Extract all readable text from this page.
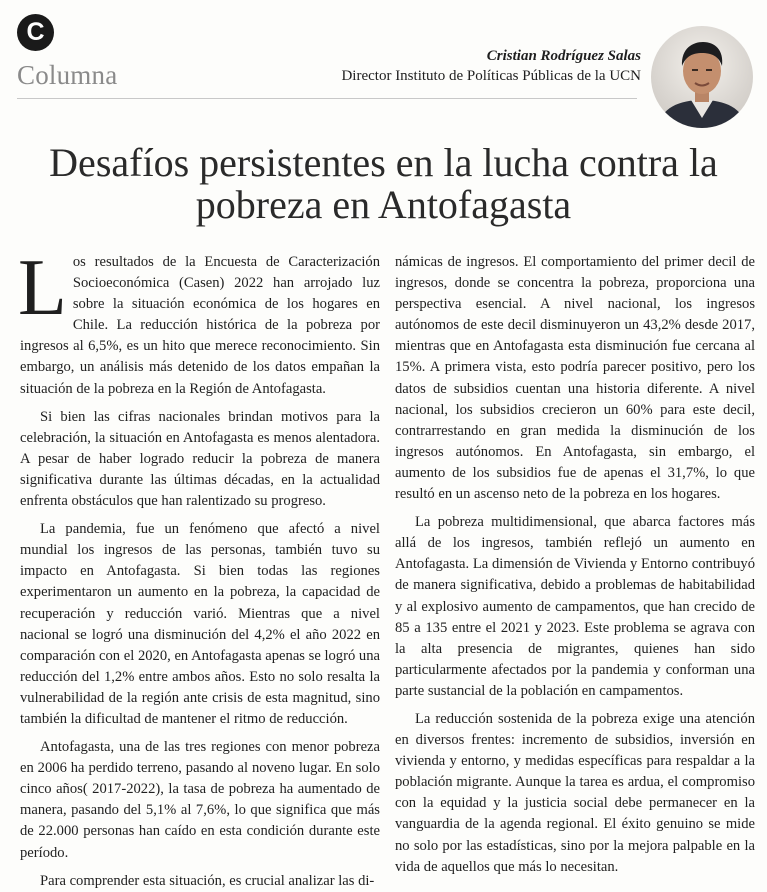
C
Columna
Cristian Rodríguez Salas
Director Instituto de Políticas Públicas de la UCN
Desafíos persistentes en la lucha contra la
pobreza en Antofagasta

Los resultados de la Encuesta de Caracterización Socioeconómica (Casen) 2022 han arrojado luz sobre la situación económica de los hogares en Chile. La reducción histórica de la pobreza por ingresos al 6,5%, es un hito que merece reconocimiento. Sin embargo, un análisis más detenido de los datos empañan la situación de la pobreza en la Región de Antofagasta.

Si bien las cifras nacionales brindan motivos para la celebración, la situación en Antofagasta es menos alentadora. A pesar de haber logrado reducir la pobreza de manera significativa durante las últimas décadas, en la actualidad enfrenta obstáculos que han ralentizado su progreso.

La pandemia, fue un fenómeno que afectó a nivel mundial los ingresos de las personas, también tuvo su impacto en Antofagasta. Si bien todas las regiones experimentaron un aumento en la pobreza, la capacidad de recuperación y reducción varió. Mientras que a nivel nacional se logró una disminución del 4,2% el año 2022 en comparación con el 2020, en Antofagasta apenas se logró una reducción del 1,2% entre ambos años. Esto no solo resalta la vulnerabilidad de la región ante crisis de esta magnitud, sino también la dificultad de mantener el ritmo de reducción.

Antofagasta, una de las tres regiones con menor pobreza en 2006 ha perdido terreno, pasando al noveno lugar. En solo cinco años( 2017-2022), la tasa de pobreza ha aumentado de manera, pasando del 5,1% al 7,6%, lo que significa que más de 22.000 personas han caído en esta condición durante este período.

Para comprender esta situación, es crucial analizar las di-

námicas de ingresos. El comportamiento del primer decil de ingresos, donde se concentra la pobreza, proporciona una perspectiva esencial. A nivel nacional, los ingresos autónomos de este decil disminuyeron un 43,2% desde 2017, mientras que en Antofagasta esta disminución fue cercana al 15%. A primera vista, esto podría parecer positivo, pero los datos de subsidios cuentan una historia diferente. A nivel nacional, los subsidios crecieron un 60% para este decil, contrarrestando en gran medida la disminución de los ingresos autónomos. En Antofagasta, sin embargo, el aumento de los subsidios fue de apenas el 31,7%, lo que resultó en un ascenso neto de la pobreza en los hogares.

La pobreza multidimensional, que abarca factores más allá de los ingresos, también reflejó un aumento en Antofagasta. La dimensión de Vivienda y Entorno contribuyó de manera significativa, debido a problemas de habitabilidad y al explosivo aumento de campamentos, que han crecido de 85 a 135 entre el 2021 y 2023. Este problema se agrava con la alta presencia de migrantes, quienes han sido particularmente afectados por la pandemia y conforman una parte sustancial de la población en campamentos.

La reducción sostenida de la pobreza exige una atención en diversos frentes: incremento de subsidios, inversión en vivienda y entorno, y medidas específicas para respaldar a la población migrante. Aunque la tarea es ardua, el compromiso con la equidad y la justicia social debe permanecer en la vanguardia de la agenda regional. El éxito genuino se mide no solo por las estadísticas, sino por la mejora palpable en la vida de aquellos que más lo necesitan.
